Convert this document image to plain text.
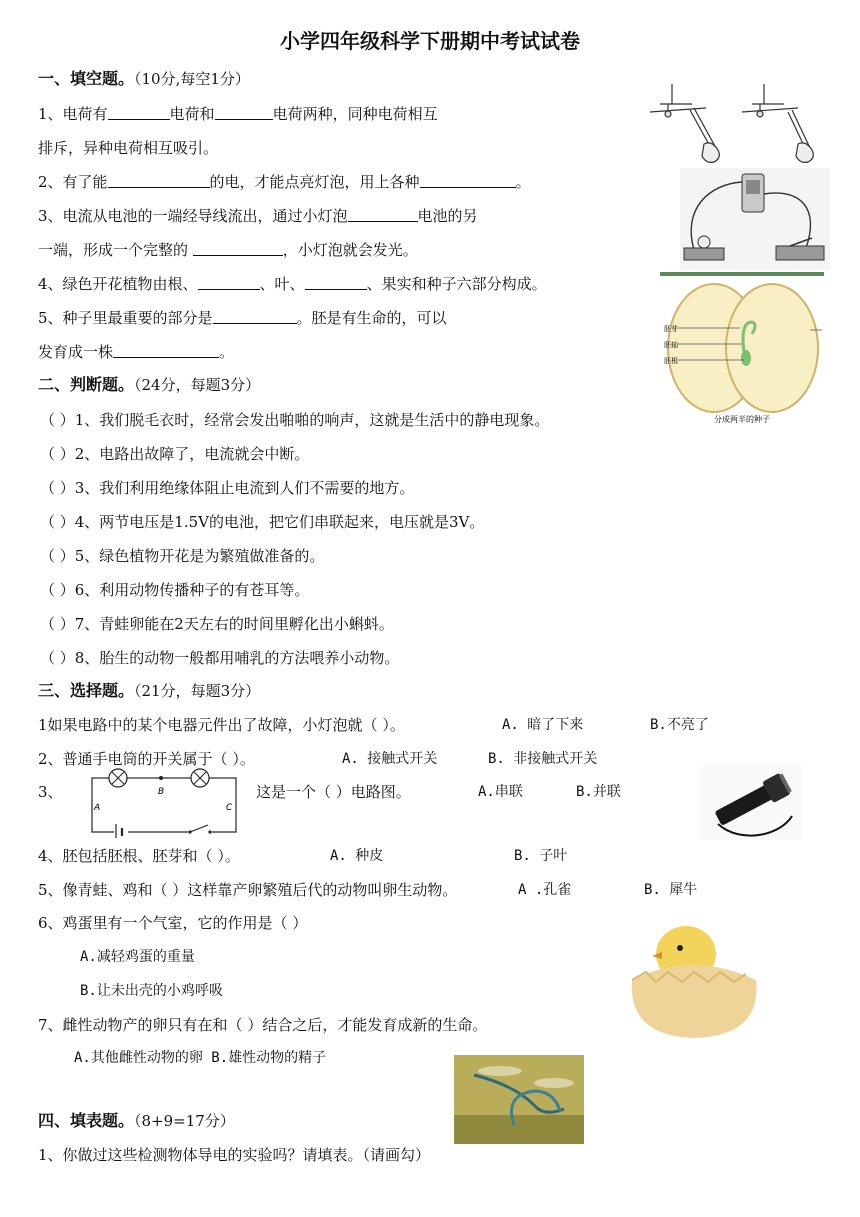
小学四年级科学下册期中考试试卷
一、填空题。（10分,每空1分）
1、电荷有	电荷和	电荷两种，同种电荷相互
排斥，异种电荷相互吸引。
2、有了能	的电，才能点亮灯泡，用上各种	。
3、电流从电池的一端经导线流出，通过小灯泡	电池的另
一端，形成一个完整的	，小灯泡就会发光。
4、绿色开花植物由根、	、叶、	、果实和种子六部分构成。
5、种子里最重要的部分是	。胚是有生命的，可以
发育成一株	。
二、判断题。（24分，每题3分）
（ ）1、我们脱毛衣时，经常会发出啪啪的响声，这就是生活中的静电现象。
（ ）2、电路出故障了，电流就会中断。
（ ）3、我们利用绝缘体阻止电流到人们不需要的地方。
（ ）4、两节电压是1.5V的电池，把它们串联起来，电压就是3V。
（ ）5、绿色植物开花是为繁殖做准备的。
（ ）6、利用动物传播种子的有苍耳等。
（ ）7、青蛙卵能在2天左右的时间里孵化出小蝌蚪。
（ ）8、胎生的动物一般都用哺乳的方法喂养小动物。
三、选择题。（21分，每题3分）
1如果电路中的某个电器元件出了故障，小灯泡就（ ）。	A. 暗了下来	B.不亮了
2、普通手电筒的开关属于（ ）。	A. 接触式开关	B. 非接触式开关
3、	B
A	C
这是一个（ ）电路图。	A.串联	B.并联
4、胚包括胚根、胚芽和（ ）。	A. 种皮	B. 子叶
5、像青蛙、鸡和（ ）这样靠产卵繁殖后代的动物叫卵生动物。	A .孔雀	B. 犀牛
6、鸡蛋里有一个气室，它的作用是（ ）
A.减轻鸡蛋的重量
B.让未出壳的小鸡呼吸
7、雌性动物产的卵只有在和（ ）结合之后，才能发育成新的生命。
A.其他雌性动物的卵 B.雄性动物的精子
四、填表题。（8+9=17分）
1、你做过这些检测物体导电的实验吗？请填表。（请画勾）
胚芽
胚轴
胚根
分成两半的种子
